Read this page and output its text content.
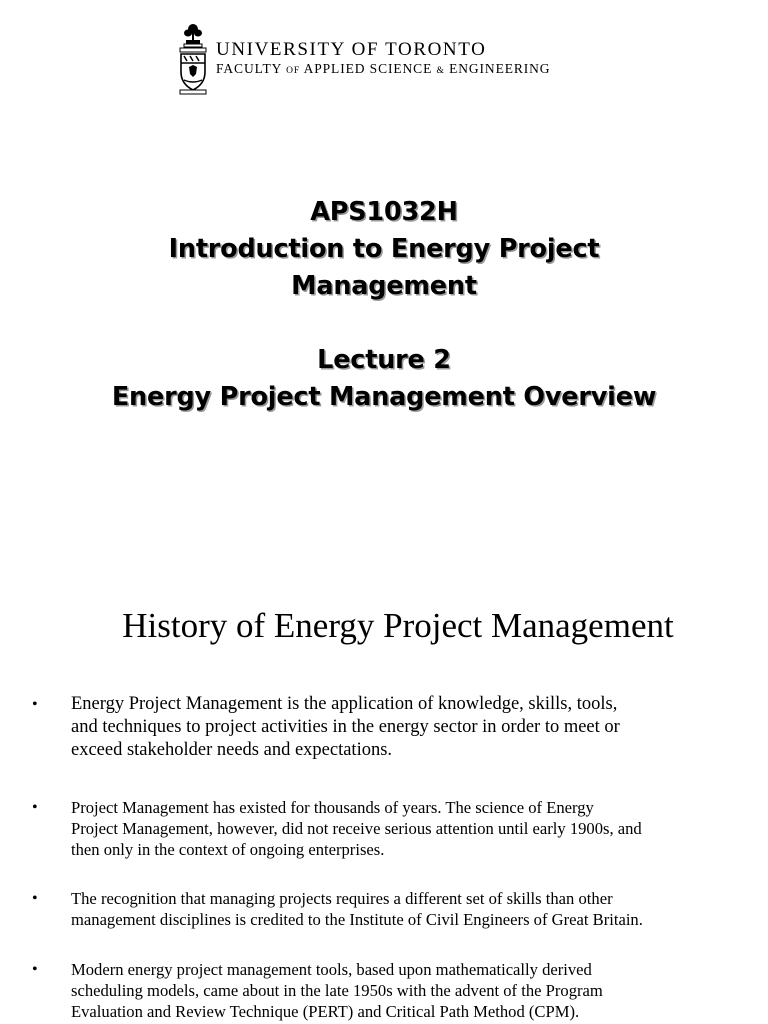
UNIVERSITY OF TORONTO
FACULTY OF APPLIED SCIENCE & ENGINEERING
APS1032H
Introduction to Energy Project
Management
Lecture 2
Energy Project Management Overview
History of Energy Project Management
•	Energy Project Management is the application of knowledge, skills, tools,
and techniques to project activities in the energy sector in order to meet or
exceed stakeholder needs and expectations.
•	Project Management has existed for thousands of years. The science of Energy
Project Management, however, did not receive serious attention until early 1900s, and
then only in the context of ongoing enterprises.
•	The recognition that managing projects requires a different set of skills than other
management disciplines is credited to the Institute of Civil Engineers of Great Britain.
•	Modern energy project management tools, based upon mathematically derived
scheduling models, came about in the late 1950s with the advent of the Program
Evaluation and Review Technique (PERT) and Critical Path Method (CPM).
